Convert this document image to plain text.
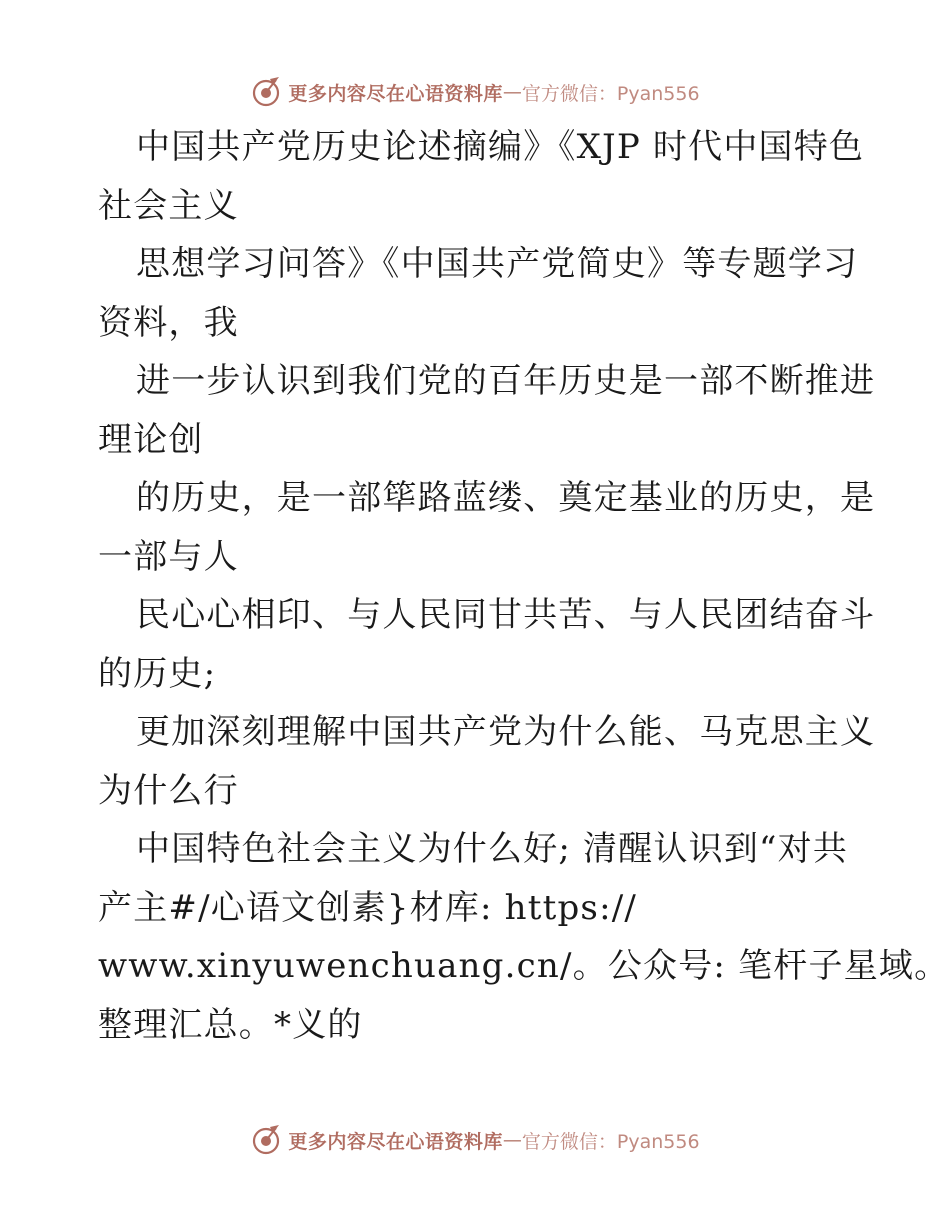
更多内容尽在心语资料库 — 官方微信：Pyan556
中国共产党历史论述摘编》《XJP 时代中国特色
社会主义
思想学习问答》《中国共产党简史》等专题学习
资料，我
进一步认识到我们党的百年历史是一部不断推进
理论创
的历史，是一部筚路蓝缕、奠定基业的历史，是
一部与人
民心心相印、与人民同甘共苦、与人民团结奋斗
的历史;
更加深刻理解中国共产党为什么能、马克思主义
为什么行
中国特色社会主义为什么好; 清醒认识到“对共
产主#/心语文创素}材库: https://
www.xinyuwenchuang.cn/。公众号: 笔杆子星域。
整理汇总。*义的
更多内容尽在心语资料库 — 官方微信：Pyan556
